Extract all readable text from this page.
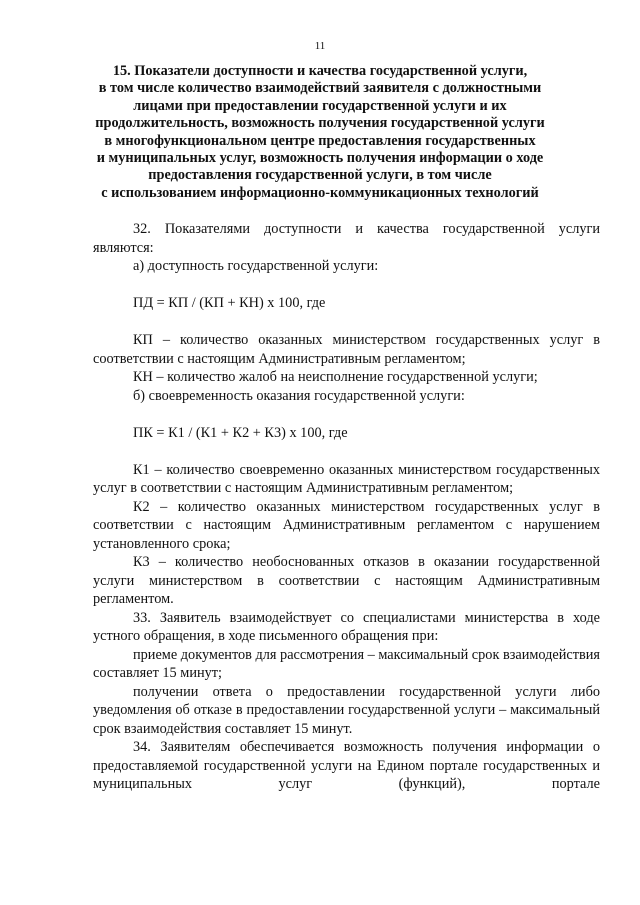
11
15. Показатели доступности и качества государственной услуги,
в том числе количество взаимодействий заявителя с должностными
лицами при предоставлении государственной услуги и их
продолжительность, возможность получения государственной услуги
в многофункциональном центре предоставления государственных
и муниципальных услуг, возможность получения информации о ходе
предоставления государственной услуги, в том числе
с использованием информационно-коммуникационных технологий

32. Показателями доступности и качества государственной услуги являются:

а) доступность государственной услуги:

ПД = КП / (КП + КН) х 100, где

КП – количество оказанных министерством государственных услуг в соответствии с настоящим Административным регламентом;

КН – количество жалоб на неисполнение государственной услуги;

б) своевременность оказания государственной услуги:

ПК = К1 / (К1 + К2 + К3) х 100, где

К1 – количество своевременно оказанных министерством государственных услуг в соответствии с настоящим Административным регламентом;

К2 – количество оказанных министерством государственных услуг в соответствии с настоящим Административным регламентом с нарушением установленного срока;

К3 – количество необоснованных отказов в оказании государственной услуги министерством в соответствии с настоящим Административным регламентом.

33. Заявитель взаимодействует со специалистами министерства в ходе устного обращения, в ходе письменного обращения при:

приеме документов для рассмотрения – максимальный срок взаимодействия составляет 15 минут;

получении ответа о предоставлении государственной услуги либо уведомления об отказе в предоставлении государственной услуги – максимальный срок взаимодействия составляет 15 минут.

34. Заявителям обеспечивается возможность получения информации о предоставляемой государственной услуги на Едином портале государственных и муниципальных услуг (функций), портале
